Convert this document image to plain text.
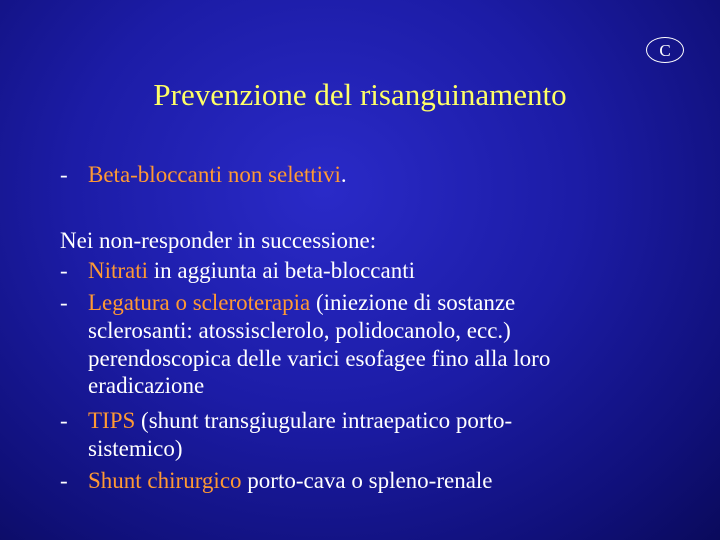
C
Prevenzione del risanguinamento
- Beta-bloccanti non selettivi.
Nei non-responder in successione:
- Nitrati in aggiunta ai beta-bloccanti
- Legatura o scleroterapia (iniezione di sostanze
sclerosanti: atossisclerolo, polidocanolo, ecc.)
perendoscopica delle varici esofagee fino alla loro
eradicazione
- TIPS (shunt transgiugulare intraepatico porto-
sistemico)
- Shunt chirurgico porto-cava o spleno-renale
